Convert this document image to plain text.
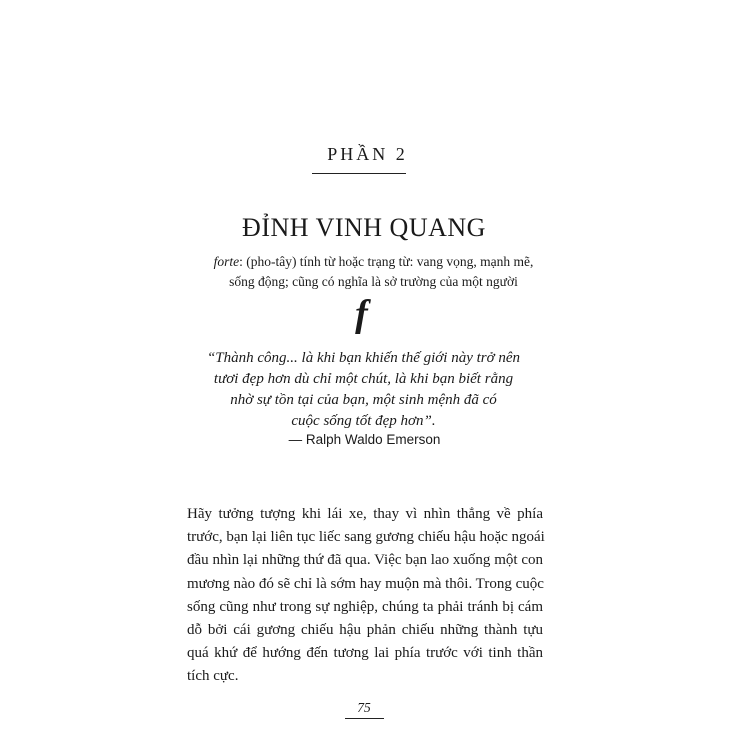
PHẦN 2
ĐỈNH VINH QUANG
forte: (pho-tây) tính từ hoặc trạng từ: vang vọng, mạnh mẽ,
sống động; cũng có nghĩa là sở trường của một người
f
“Thành công... là khi bạn khiến thế giới này trở nên
tươi đẹp hơn dù chỉ một chút, là khi bạn biết rằng
nhờ sự tồn tại của bạn, một sinh mệnh đã có
cuộc sống tốt đẹp hơn”.
— Ralph Waldo Emerson
Hãy tưởng tượng khi lái xe, thay vì nhìn thẳng về phía
trước, bạn lại liên tục liếc sang gương chiếu hậu hoặc ngoái
đầu nhìn lại những thứ đã qua. Việc bạn lao xuống một con
mương nào đó sẽ chỉ là sớm hay muộn mà thôi. Trong cuộc
sống cũng như trong sự nghiệp, chúng ta phải tránh bị cám
dỗ bởi cái gương chiếu hậu phản chiếu những thành tựu
quá khứ để hướng đến tương lai phía trước với tinh thần
tích cực.
75
